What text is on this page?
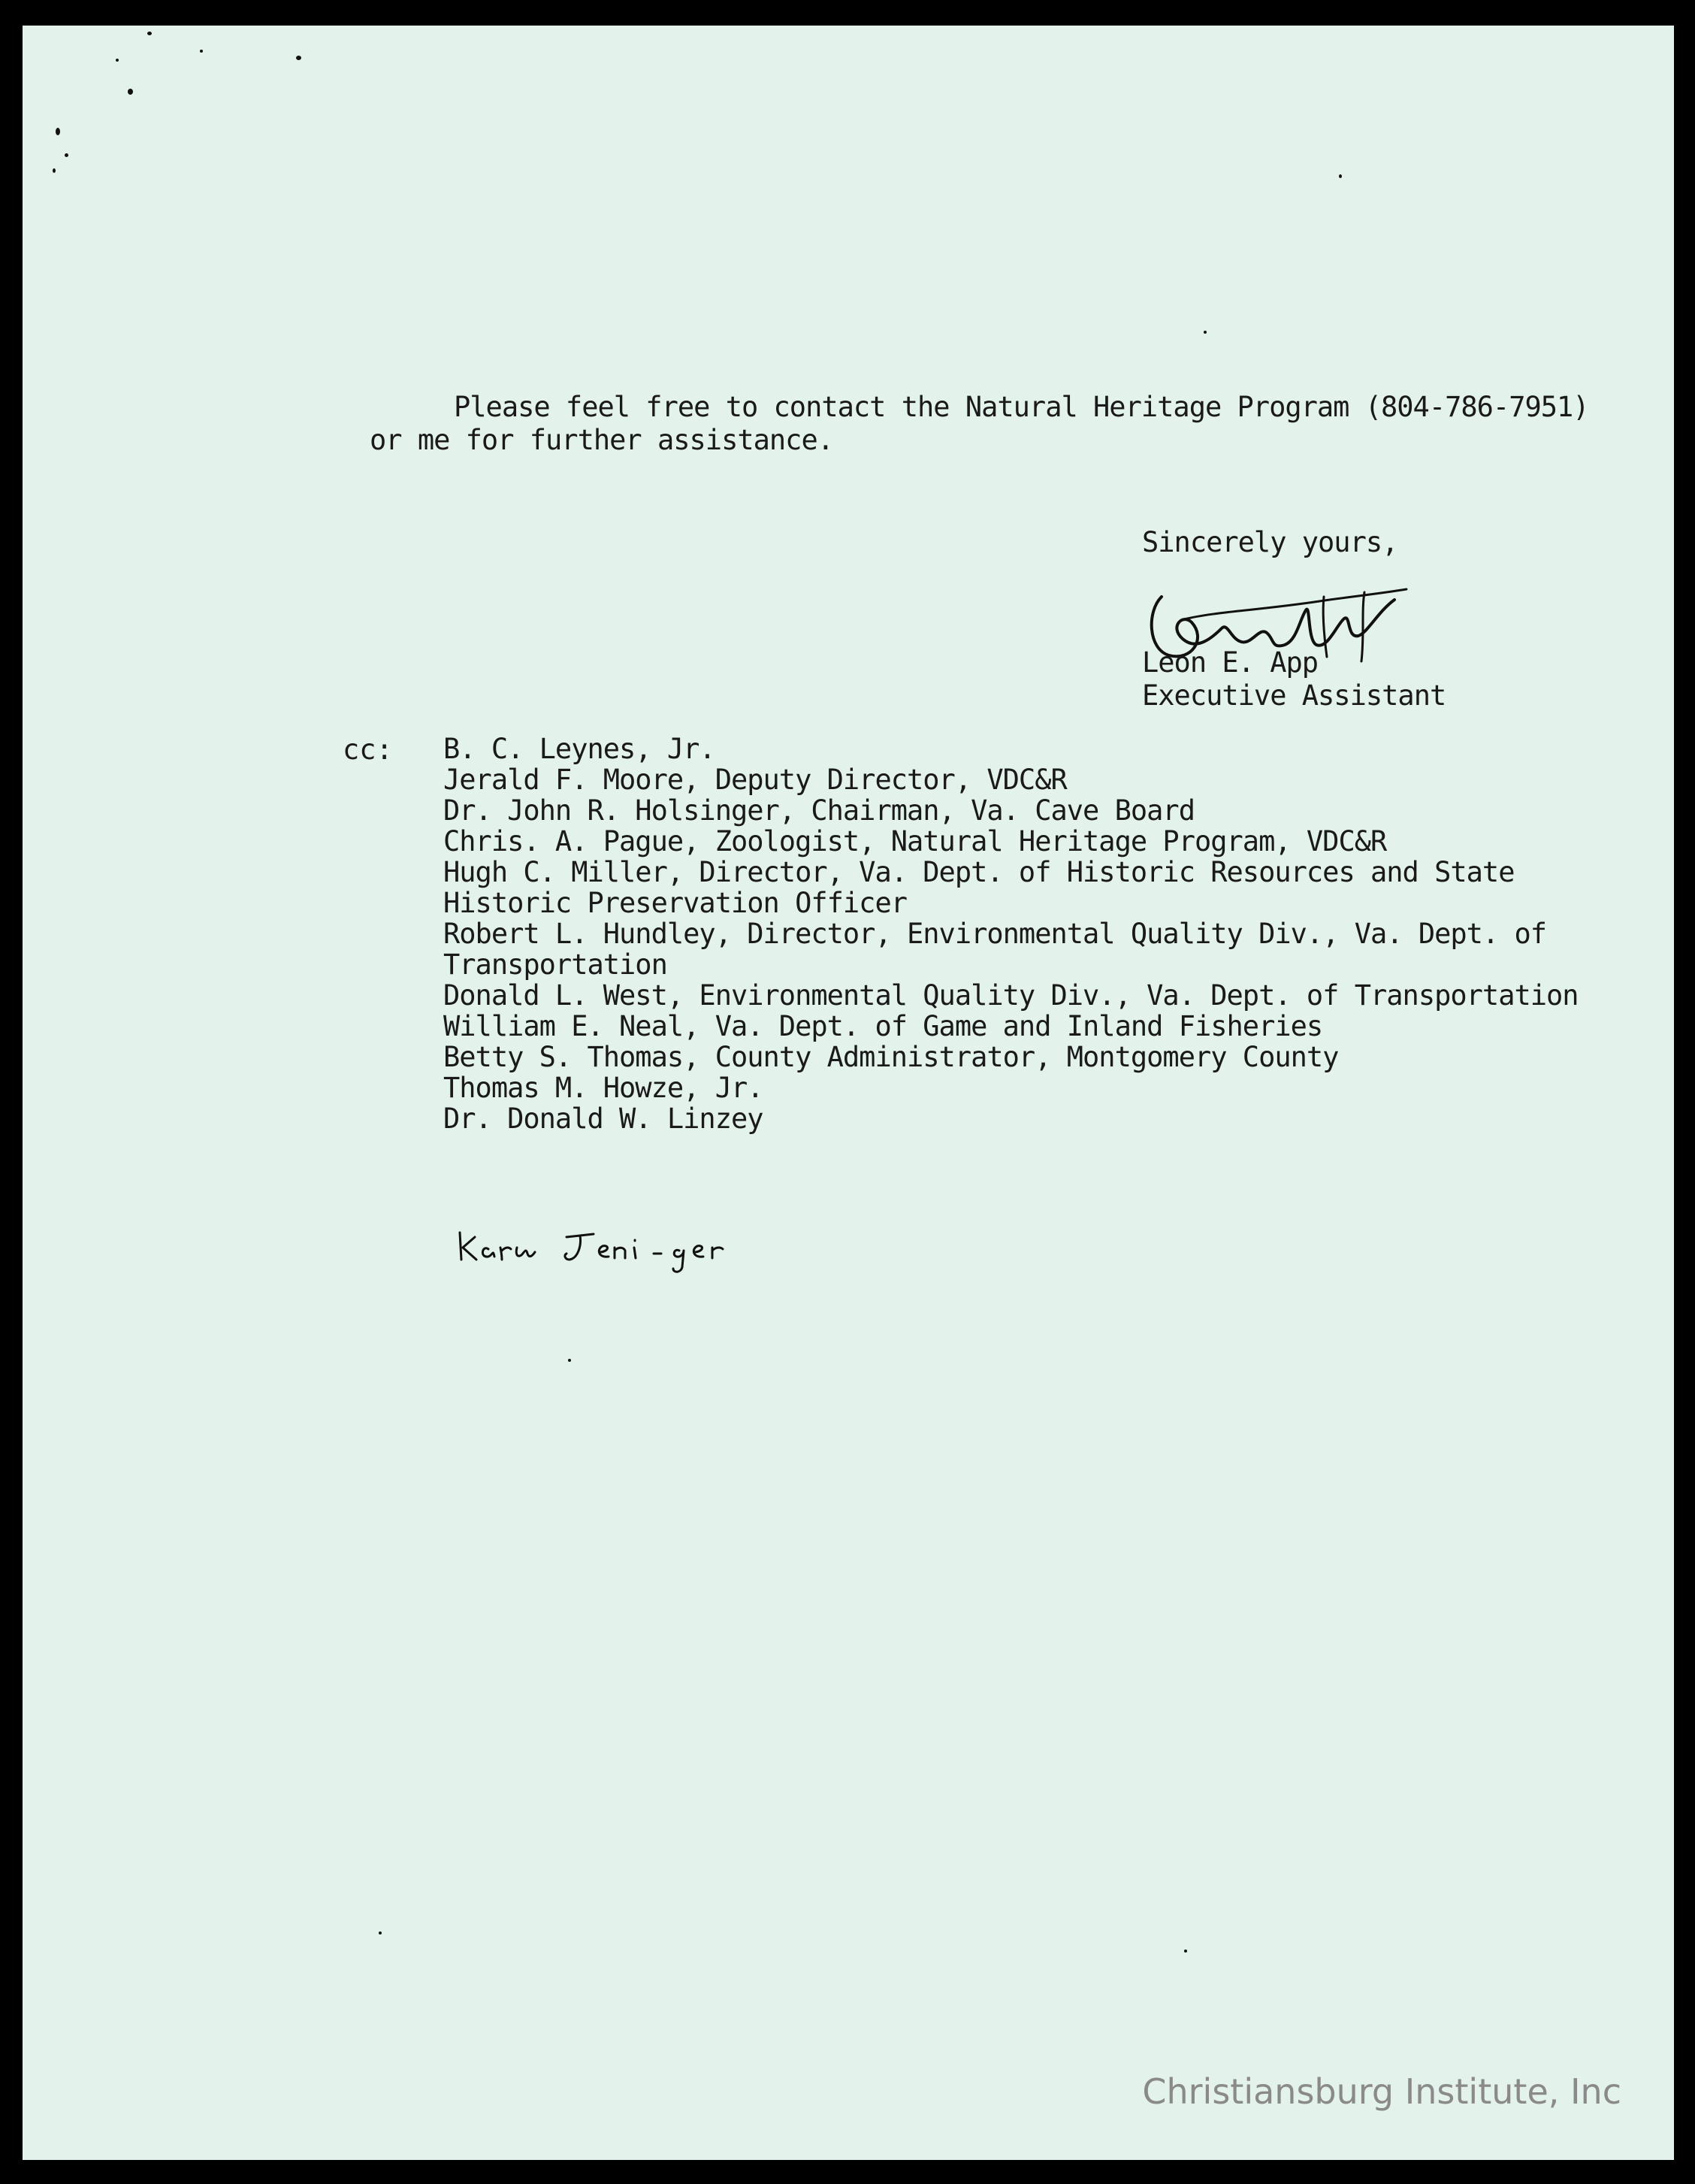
Please feel free to contact the Natural Heritage Program (804-786-7951)
or me for further assistance.
Sincerely yours,
Leon E. App
Executive Assistant
cc: B. C. Leynes, Jr.
Jerald F. Moore, Deputy Director, VDC&R
Dr. John R. Holsinger, Chairman, Va. Cave Board
Chris. A. Pague, Zoologist, Natural Heritage Program, VDC&R
Hugh C. Miller, Director, Va. Dept. of Historic Resources and State Historic Preservation Officer
Robert L. Hundley, Director, Environmental Quality Div., Va. Dept. of Transportation
Donald L. West, Environmental Quality Div., Va. Dept. of Transportation
William E. Neal, Va. Dept. of Game and Inland Fisheries
Betty S. Thomas, County Administrator, Montgomery County
Thomas M. Howze, Jr.
Dr. Donald W. Linzey
Christiansburg Institute, Inc
